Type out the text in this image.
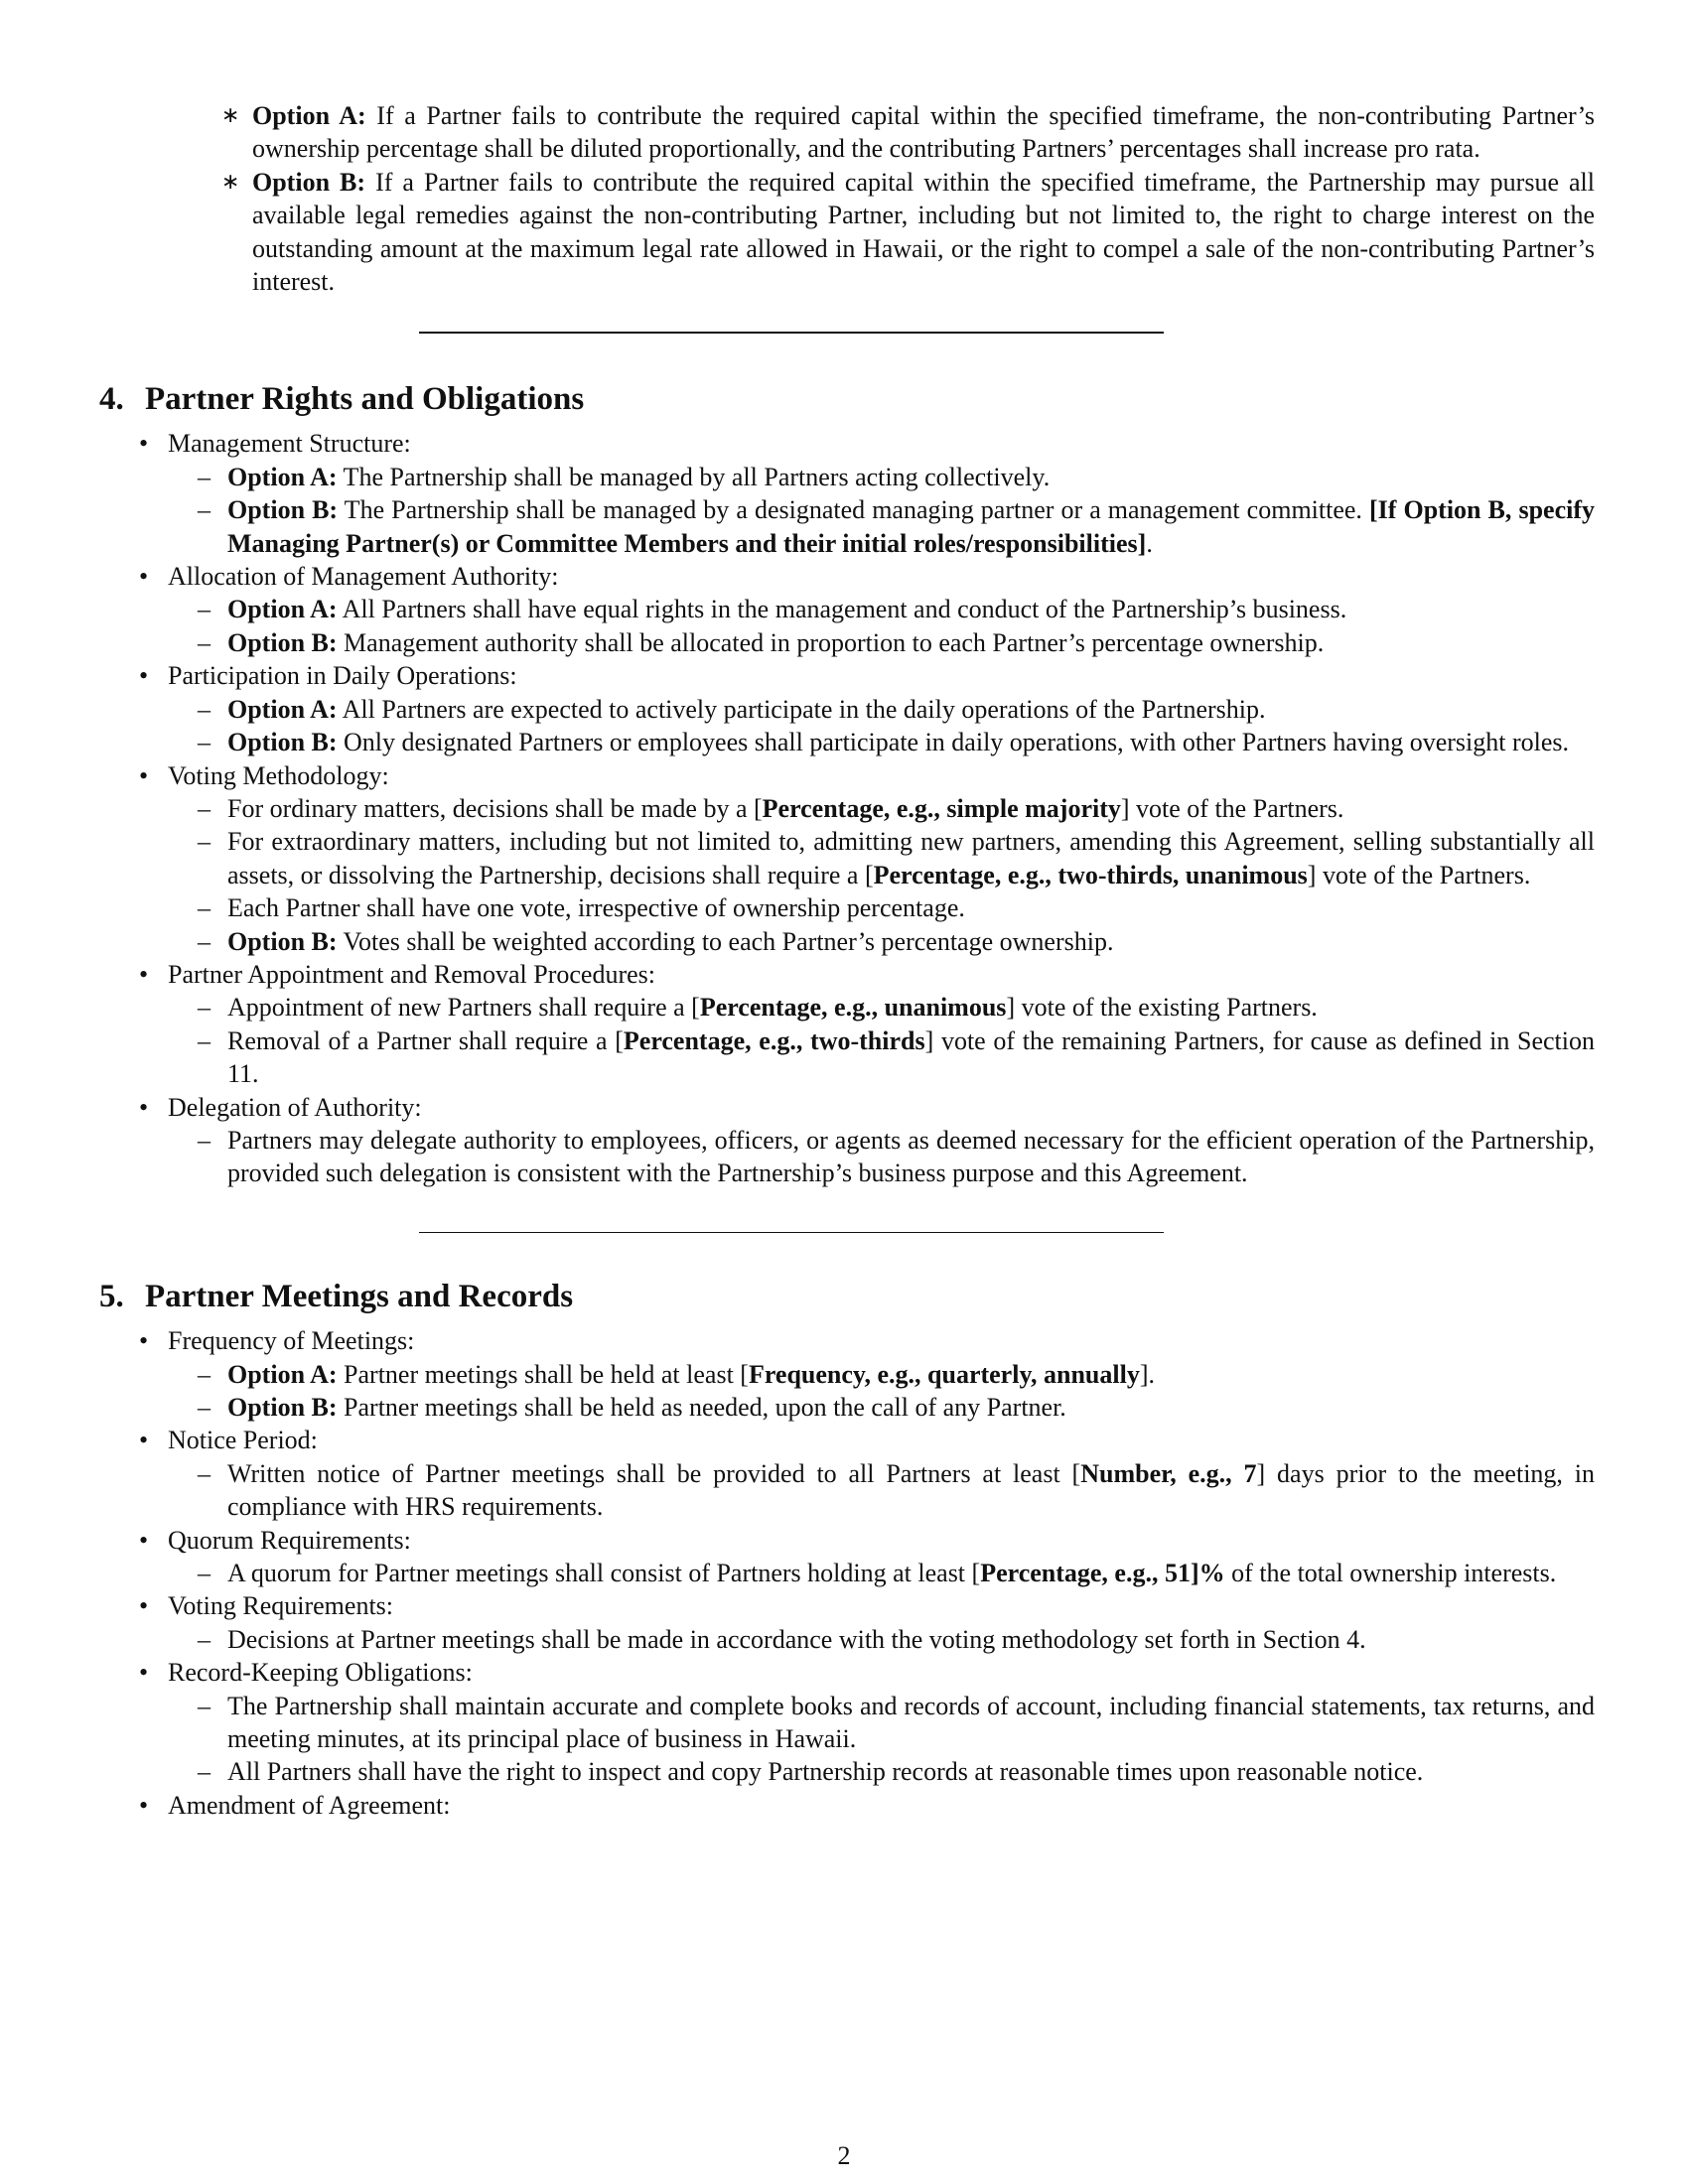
∗ Option A: If a Partner fails to contribute the required capital within the specified timeframe, the non-contributing Partner’s ownership percentage shall be diluted proportionally, and the contributing Partners’ percentages shall increase pro rata.
∗ Option B: If a Partner fails to contribute the required capital within the specified timeframe, the Partnership may pursue all available legal remedies against the non-contributing Partner, including but not limited to, the right to charge interest on the outstanding amount at the maximum legal rate allowed in Hawaii, or the right to compel a sale of the non-contributing Partner’s interest.
4. Partner Rights and Obligations
• Management Structure:
– Option A: The Partnership shall be managed by all Partners acting collectively.
– Option B: The Partnership shall be managed by a designated managing partner or a management committee. [If Option B, specify Managing Partner(s) or Committee Members and their initial roles/responsibilities].
• Allocation of Management Authority:
– Option A: All Partners shall have equal rights in the management and conduct of the Partnership’s business.
– Option B: Management authority shall be allocated in proportion to each Partner’s percentage ownership.
• Participation in Daily Operations:
– Option A: All Partners are expected to actively participate in the daily operations of the Partnership.
– Option B: Only designated Partners or employees shall participate in daily operations, with other Partners having oversight roles.
• Voting Methodology:
– For ordinary matters, decisions shall be made by a [Percentage, e.g., simple majority] vote of the Partners.
– For extraordinary matters, including but not limited to, admitting new partners, amending this Agreement, selling substantially all assets, or dissolving the Partnership, decisions shall require a [Percentage, e.g., two-thirds, unanimous] vote of the Partners.
– Each Partner shall have one vote, irrespective of ownership percentage.
– Option B: Votes shall be weighted according to each Partner’s percentage ownership.
• Partner Appointment and Removal Procedures:
– Appointment of new Partners shall require a [Percentage, e.g., unanimous] vote of the existing Partners.
– Removal of a Partner shall require a [Percentage, e.g., two-thirds] vote of the remaining Partners, for cause as defined in Section 11.
• Delegation of Authority:
– Partners may delegate authority to employees, officers, or agents as deemed necessary for the efficient operation of the Partnership, provided such delegation is consistent with the Partnership’s business purpose and this Agreement.
5. Partner Meetings and Records
• Frequency of Meetings:
– Option A: Partner meetings shall be held at least [Frequency, e.g., quarterly, annually].
– Option B: Partner meetings shall be held as needed, upon the call of any Partner.
• Notice Period:
– Written notice of Partner meetings shall be provided to all Partners at least [Number, e.g., 7] days prior to the meeting, in compliance with HRS requirements.
• Quorum Requirements:
– A quorum for Partner meetings shall consist of Partners holding at least [Percentage, e.g., 51]% of the total ownership interests.
• Voting Requirements:
– Decisions at Partner meetings shall be made in accordance with the voting methodology set forth in Section 4.
• Record-Keeping Obligations:
– The Partnership shall maintain accurate and complete books and records of account, including financial statements, tax returns, and meeting minutes, at its principal place of business in Hawaii.
– All Partners shall have the right to inspect and copy Partnership records at reasonable times upon reasonable notice.
• Amendment of Agreement:
2
